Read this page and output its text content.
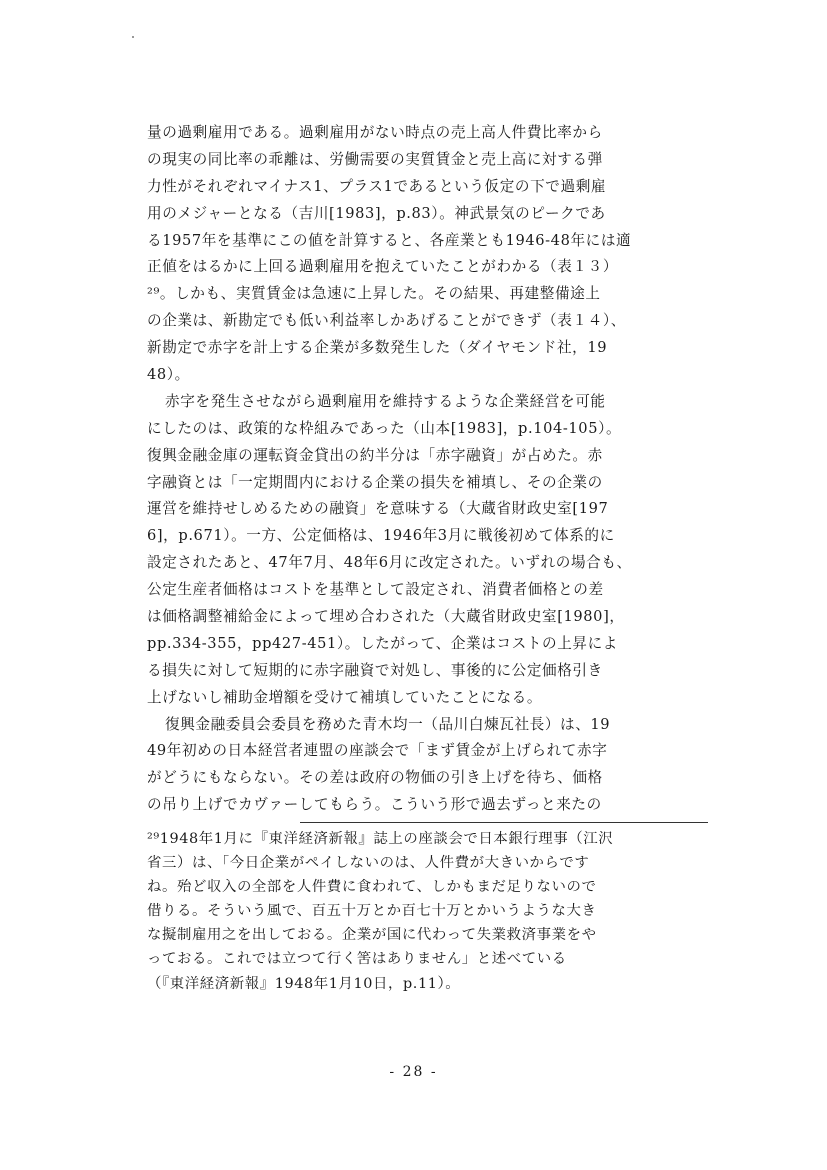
量の過剰雇用である。過剰雇用がない時点の売上高人件費比率から
の現実の同比率の乖離は、労働需要の実質賃金と売上高に対する弾
力性がそれぞれマイナス1、プラス1であるという仮定の下で過剰雇
用のメジャーとなる（吉川[1983]，p.83）。神武景気のピークであ
る1957年を基準にこの値を計算すると、各産業とも1946-48年には適
正値をはるかに上回る過剰雇用を抱えていたことがわかる（表１３）
²⁹。しかも、実質賃金は急速に上昇した。その結果、再建整備途上
の企業は、新勘定でも低い利益率しかあげることができず（表１４）、
新勘定で赤字を計上する企業が多数発生した（ダイヤモンド社，19
48）。
赤字を発生させながら過剰雇用を維持するような企業経営を可能
にしたのは、政策的な枠組みであった（山本[1983]，p.104-105）。
復興金融金庫の運転資金貸出の約半分は「赤字融資」が占めた。赤
字融資とは「一定期間内における企業の損失を補填し、その企業の
運営を維持せしめるための融資」を意味する（大蔵省財政史室[197
6]，p.671）。一方、公定価格は、1946年3月に戦後初めて体系的に
設定されたあと、47年7月、48年6月に改定された。いずれの場合も、
公定生産者価格はコストを基準として設定され、消費者価格との差
は価格調整補給金によって埋め合わされた（大蔵省財政史室[1980]，
pp.334-355，pp427-451）。したがって、企業はコストの上昇によ
る損失に対して短期的に赤字融資で対処し、事後的に公定価格引き
上げないし補助金増額を受けて補填していたことになる。
復興金融委員会委員を務めた青木均一（品川白煉瓦社長）は、19
49年初めの日本経営者連盟の座談会で「まず賃金が上げられて赤字
がどうにもならない。その差は政府の物価の引き上げを待ち、価格
の吊り上げでカヴァーしてもらう。こういう形で過去ずっと来たの
²⁹1948年1月に『東洋経済新報』誌上の座談会で日本銀行理事（江沢
省三）は、「今日企業がペイしないのは、人件費が大きいからです
ね。殆ど収入の全部を人件費に食われて、しかもまだ足りないので
借りる。そういう風で、百五十万とか百七十万とかいうような大き
な擬制雇用之を出しておる。企業が国に代わって失業救済事業をや
っておる。これでは立つて行く筈はありません」と述べている
（『東洋経済新報』1948年1月10日，p.11）。
- 28 -
